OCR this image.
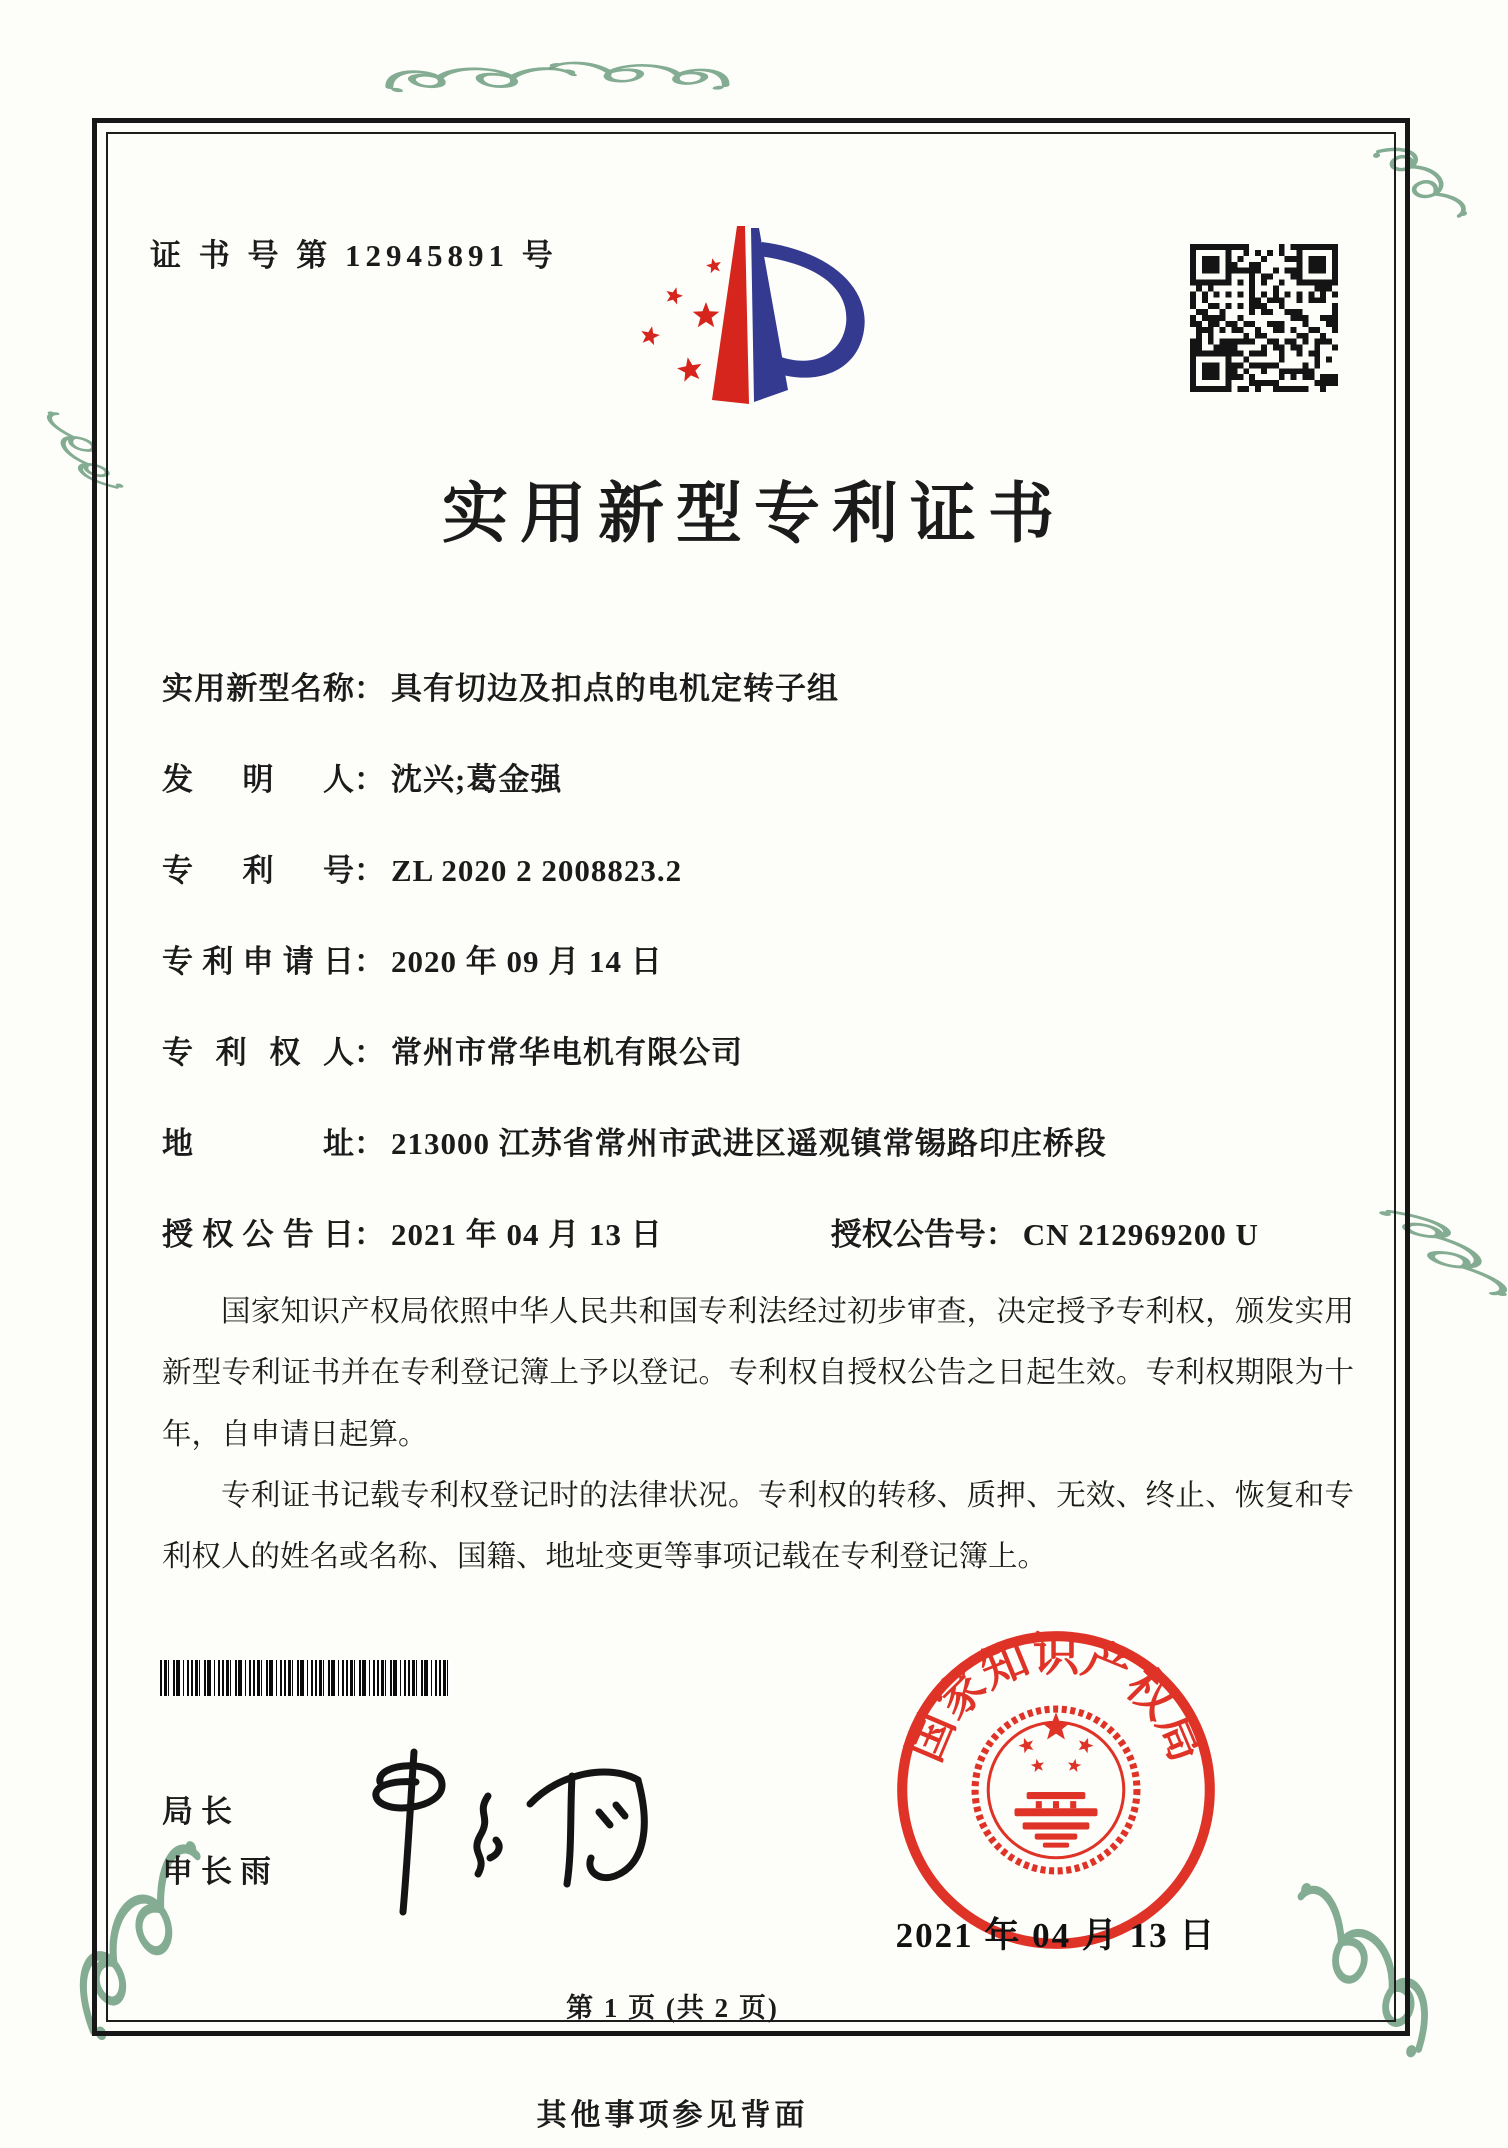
证 书 号 第 12945891 号
实用新型专利证书
实用新型名称 ： 具有切边及扣点的电机定转子组
发明人 ： 沈兴;葛金强
专利号 ： ZL 2020 2 2008823.2
专利申请日 ： 2020 年 09 月 14 日
专利权人 ： 常州市常华电机有限公司
地址 ： 213000 江苏省常州市武进区遥观镇常锡路印庄桥段
授权公告日 ： 2021 年 04 月 13 日	授权公告号 ： CN 212969200 U

国家知识产权局依照中华人民共和国专利法经过初步审查，决定授予专利权，颁发实用新型专利证书并在专利登记簿上予以登记。专利权自授权公告之日起生效。专利权期限为十年，自申请日起算。

专利证书记载专利权登记时的法律状况。专利权的转移、质押、无效、终止、恢复和专利权人的姓名或名称、国籍、地址变更等事项记载在专利登记簿上。

局长
申长雨
国家知识产权局
2021 年 04 月 13 日
第 1 页 (共 2 页)
其他事项参见背面
